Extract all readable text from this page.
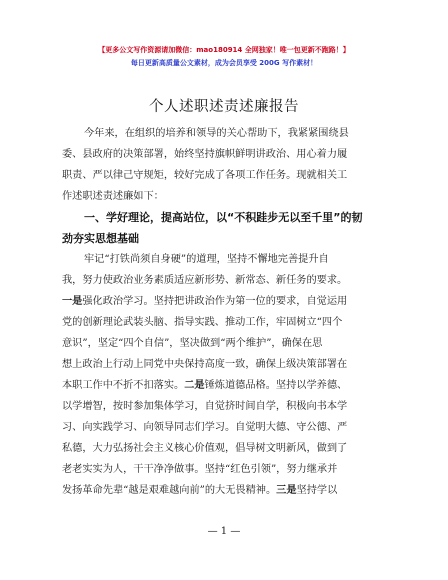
【更多公文写作资源请加微信：mao180914 全网独家！唯一包更新不跑路！】
每日更新高质量公文素材，成为会员享受 200G 写作素材！
个人述职述责述廉报告
今年来，在组织的培养和领导的关心帮助下，我紧紧围绕县
委、县政府的决策部署，始终坚持旗帜鲜明讲政治、用心着力履
职责、严以律己守规矩，较好完成了各项工作任务。现就相关工
作述职述责述廉如下：
一、学好理论，提高站位，以“不积跬步无以至千里”的韧
劲夯实思想基础
牢记“打铁尚须自身硬”的道理，坚持不懈地完善提升自
我，努力使政治业务素质适应新形势、新常态、新任务的要求。
一是强化政治学习。坚持把讲政治作为第一位的要求，自觉运用
党的创新理论武装头脑、指导实践、推动工作，牢固树立“四个
意识”，坚定“四个自信”，坚决做到“两个维护”，确保在思
想上政治上行动上同党中央保持高度一致，确保上级决策部署在
本职工作中不折不扣落实。二是锤炼道德品格。坚持以学养德、
以学增智，按时参加集体学习，自觉挤时间自学，积极向书本学
习、向实践学习、向领导同志们学习。自觉明大德、守公德、严
私德，大力弘扬社会主义核心价值观，倡导树文明新风，做到了
老老实实为人，干干净净做事。坚持“红色引领”，努力继承并
发扬革命先辈“越是艰难越向前”的大无畏精神。三是坚持学以
— 1 —
